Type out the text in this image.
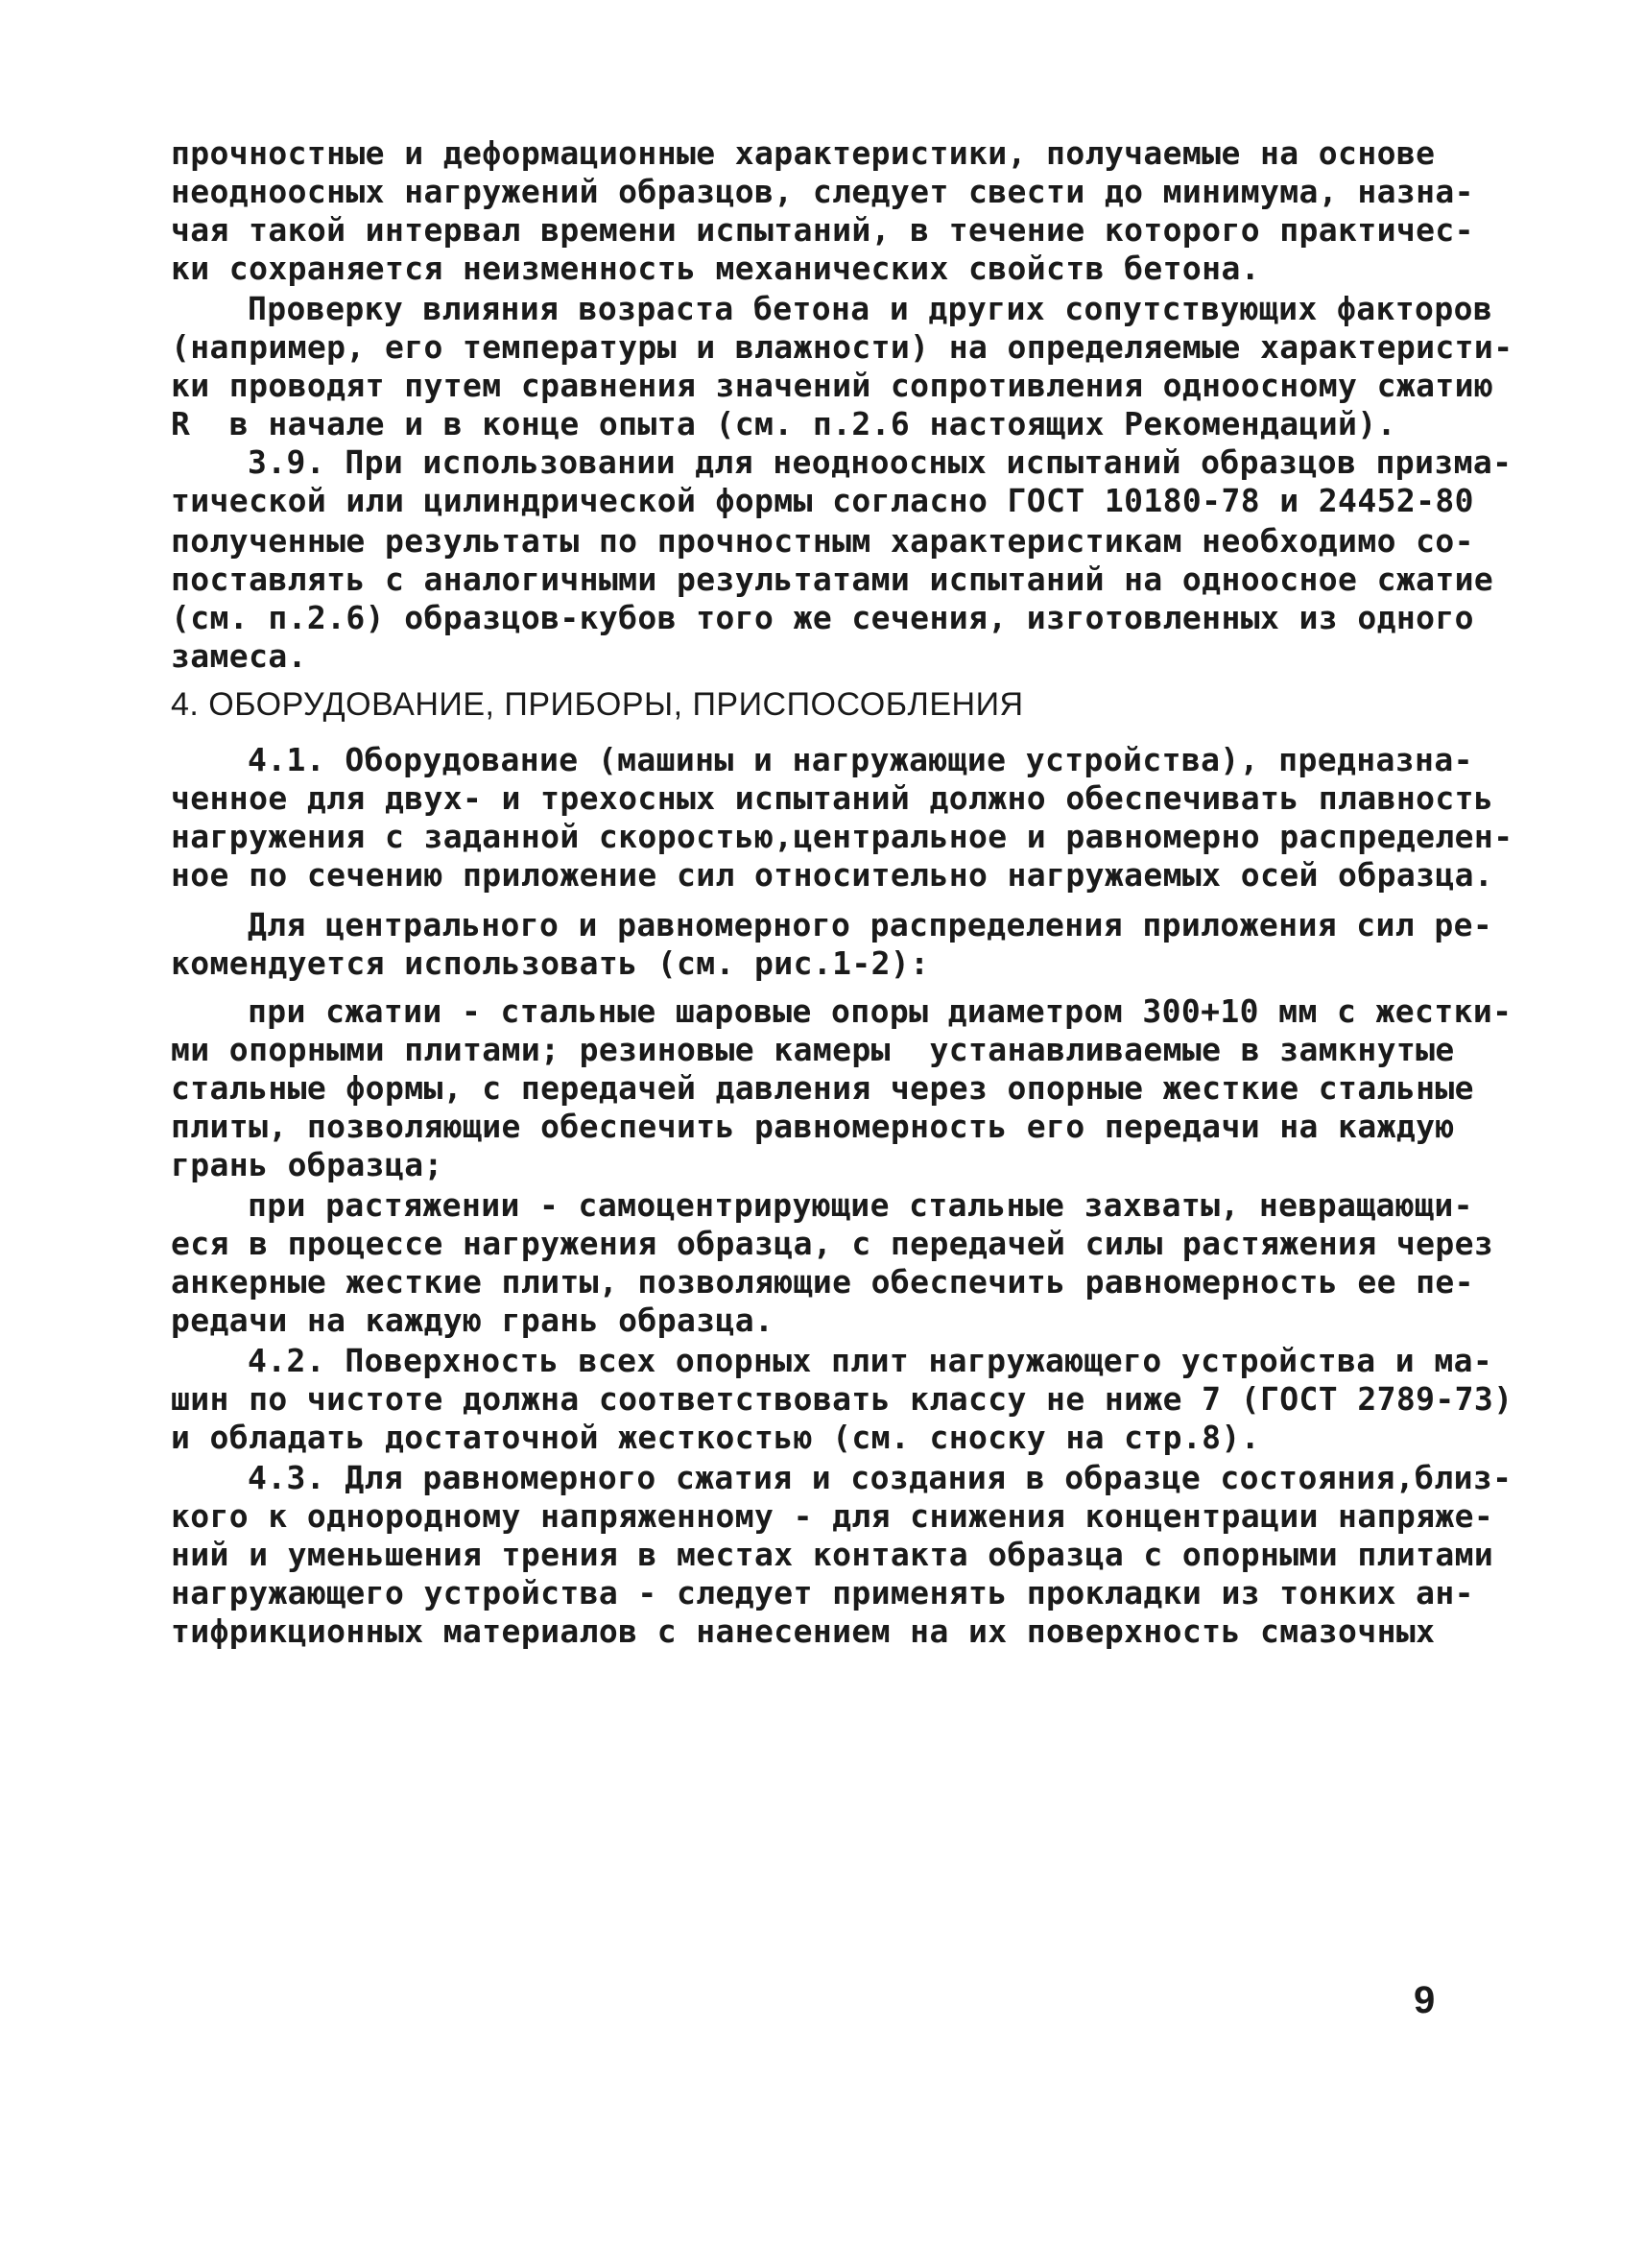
прочностные и деформационные характеристики, получаемые на основе
неодноосных нагружений образцов, следует свести до минимума, назна-
чая такой интервал времени испытаний, в течение которого практичес-
ки сохраняется неизменность механических свойств бетона.
Проверку влияния возраста бетона и других сопутствующих факторов
(например, его температуры и влажности) на определяемые характеристи-
ки проводят путем сравнения значений сопротивления одноосному сжатию
R  в начале и в конце опыта (см. п.2.6 настоящих Рекомендаций).
3.9. При использовании для неодноосных испытаний образцов призма-
тической или цилиндрической формы согласно ГОСТ 10180-78 и 24452-80
полученные результаты по прочностным характеристикам необходимо со-
поставлять с аналогичными результатами испытаний на одноосное сжатие
(см. п.2.6) образцов-кубов того же сечения, изготовленных из одного
замеса.
4. ОБОРУДОВАНИЕ, ПРИБОРЫ, ПРИСПОСОБЛЕНИЯ
4.1. Оборудование (машины и нагружающие устройства), предназна-
ченное для двух- и трехосных испытаний должно обеспечивать плавность
нагружения с заданной скоростью,центральное и равномерно распределен-
ное по сечению приложение сил относительно нагружаемых осей образца.
Для центрального и равномерного распределения приложения сил ре-
комендуется использовать (см. рис.1-2):
при сжатии - стальные шаровые опоры диаметром 300+10 мм с жестки-
ми опорными плитами; резиновые камеры  устанавливаемые в замкнутые
стальные формы, с передачей давления через опорные жесткие стальные
плиты, позволяющие обеспечить равномерность его передачи на каждую
грань образца;
при растяжении - самоцентрирующие стальные захваты, невращающи-
еся в процессе нагружения образца, с передачей силы растяжения через
анкерные жесткие плиты, позволяющие обеспечить равномерность ее пе-
редачи на каждую грань образца.
4.2. Поверхность всех опорных плит нагружающего устройства и ма-
шин по чистоте должна соответствовать классу не ниже 7 (ГОСТ 2789-73)
и обладать достаточной жесткостью (см. сноску на стр.8).
4.3. Для равномерного сжатия и создания в образце состояния,близ-
кого к однородному напряженному - для снижения концентрации напряже-
ний и уменьшения трения в местах контакта образца с опорными плитами
нагружающего устройства - следует применять прокладки из тонких ан-
тифрикционных материалов с нанесением на их поверхность смазочных
9
